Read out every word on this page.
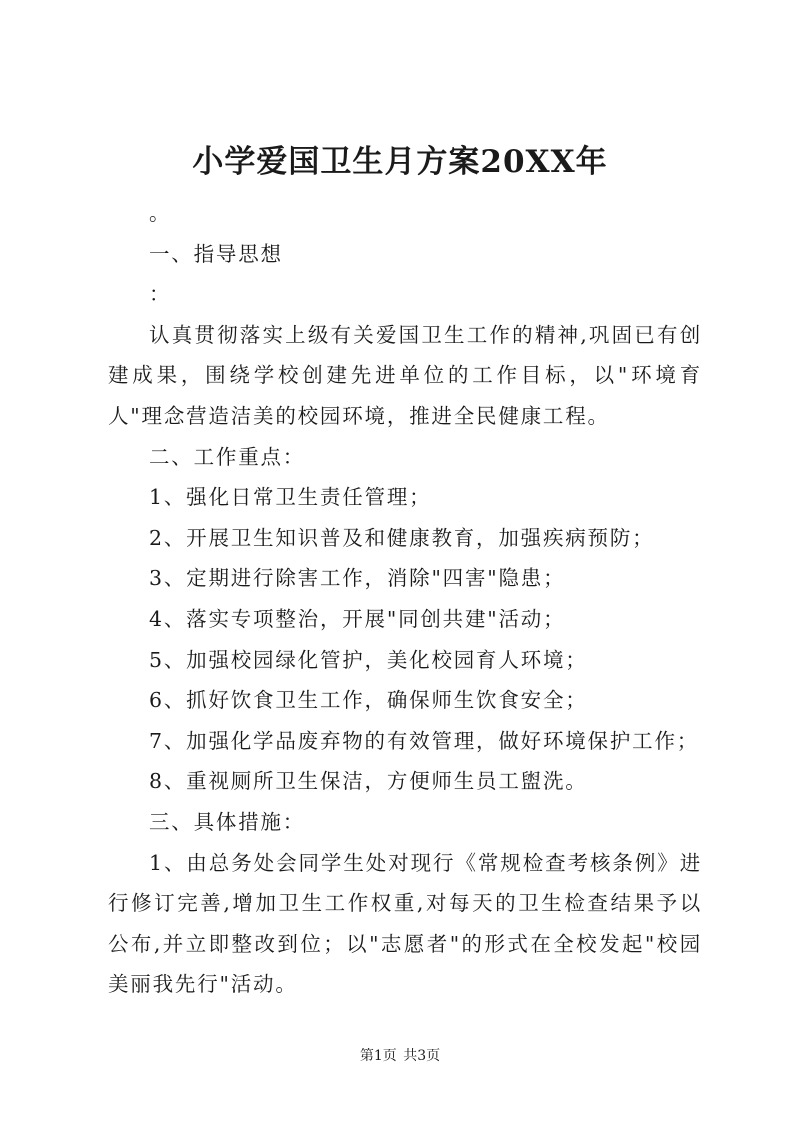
小学爱国卫生月方案20XX年

。

一、指导思想

：

认真贯彻落实上级有关爱国卫生工作的精神,巩固已有创建成果，围绕学校创建先进单位的工作目标，以"环境育人"理念营造洁美的校园环境，推进全民健康工程。

二、工作重点：

1、强化日常卫生责任管理；

2、开展卫生知识普及和健康教育，加强疾病预防；

3、定期进行除害工作，消除"四害"隐患；

4、落实专项整治，开展"同创共建"活动；

5、加强校园绿化管护，美化校园育人环境；

6、抓好饮食卫生工作，确保师生饮食安全；

7、加强化学品废弃物的有效管理，做好环境保护工作；

8、重视厕所卫生保洁，方便师生员工盥洗。

三、具体措施：

1、由总务处会同学生处对现行《常规检查考核条例》进行修订完善,增加卫生工作权重,对每天的卫生检查结果予以公布,并立即整改到位；以"志愿者"的形式在全校发起"校园美丽我先行"活动。

第1页 共3页
